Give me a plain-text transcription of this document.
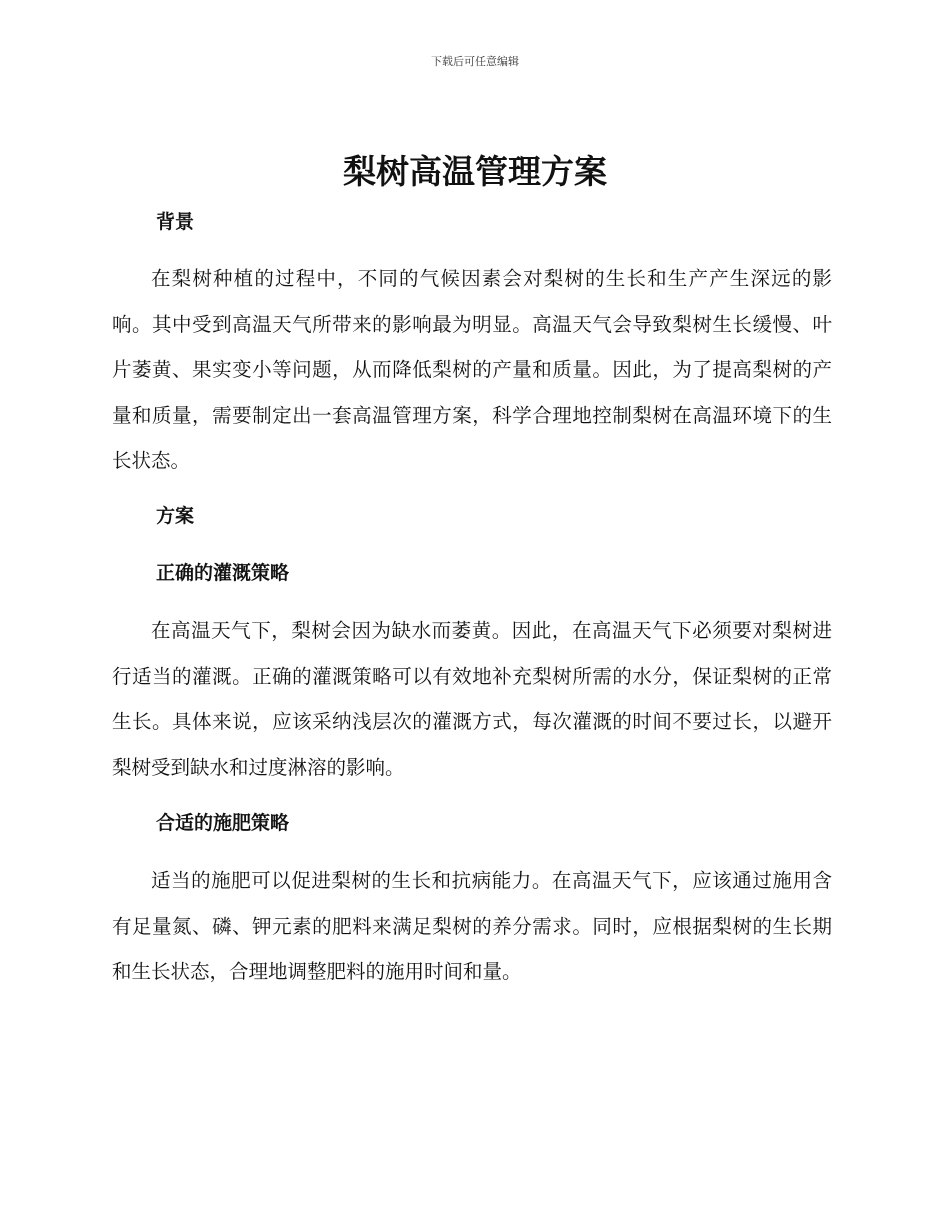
下载后可任意编辑
梨树高温管理方案
背景

在梨树种植的过程中，不同的气候因素会对梨树的生长和生产产生深远的影响。其中受到高温天气所带来的影响最为明显。高温天气会导致梨树生长缓慢、叶片萎黄、果实变小等问题，从而降低梨树的产量和质量。因此，为了提高梨树的产量和质量，需要制定出一套高温管理方案，科学合理地控制梨树在高温环境下的生长状态。

方案
正确的灌溉策略

在高温天气下，梨树会因为缺水而萎黄。因此，在高温天气下必须要对梨树进行适当的灌溉。正确的灌溉策略可以有效地补充梨树所需的水分，保证梨树的正常生长。具体来说，应该采纳浅层次的灌溉方式，每次灌溉的时间不要过长，以避开梨树受到缺水和过度淋溶的影响。

合适的施肥策略

适当的施肥可以促进梨树的生长和抗病能力。在高温天气下，应该通过施用含有足量氮、磷、钾元素的肥料来满足梨树的养分需求。同时，应根据梨树的生长期和生长状态，合理地调整肥料的施用时间和量。
